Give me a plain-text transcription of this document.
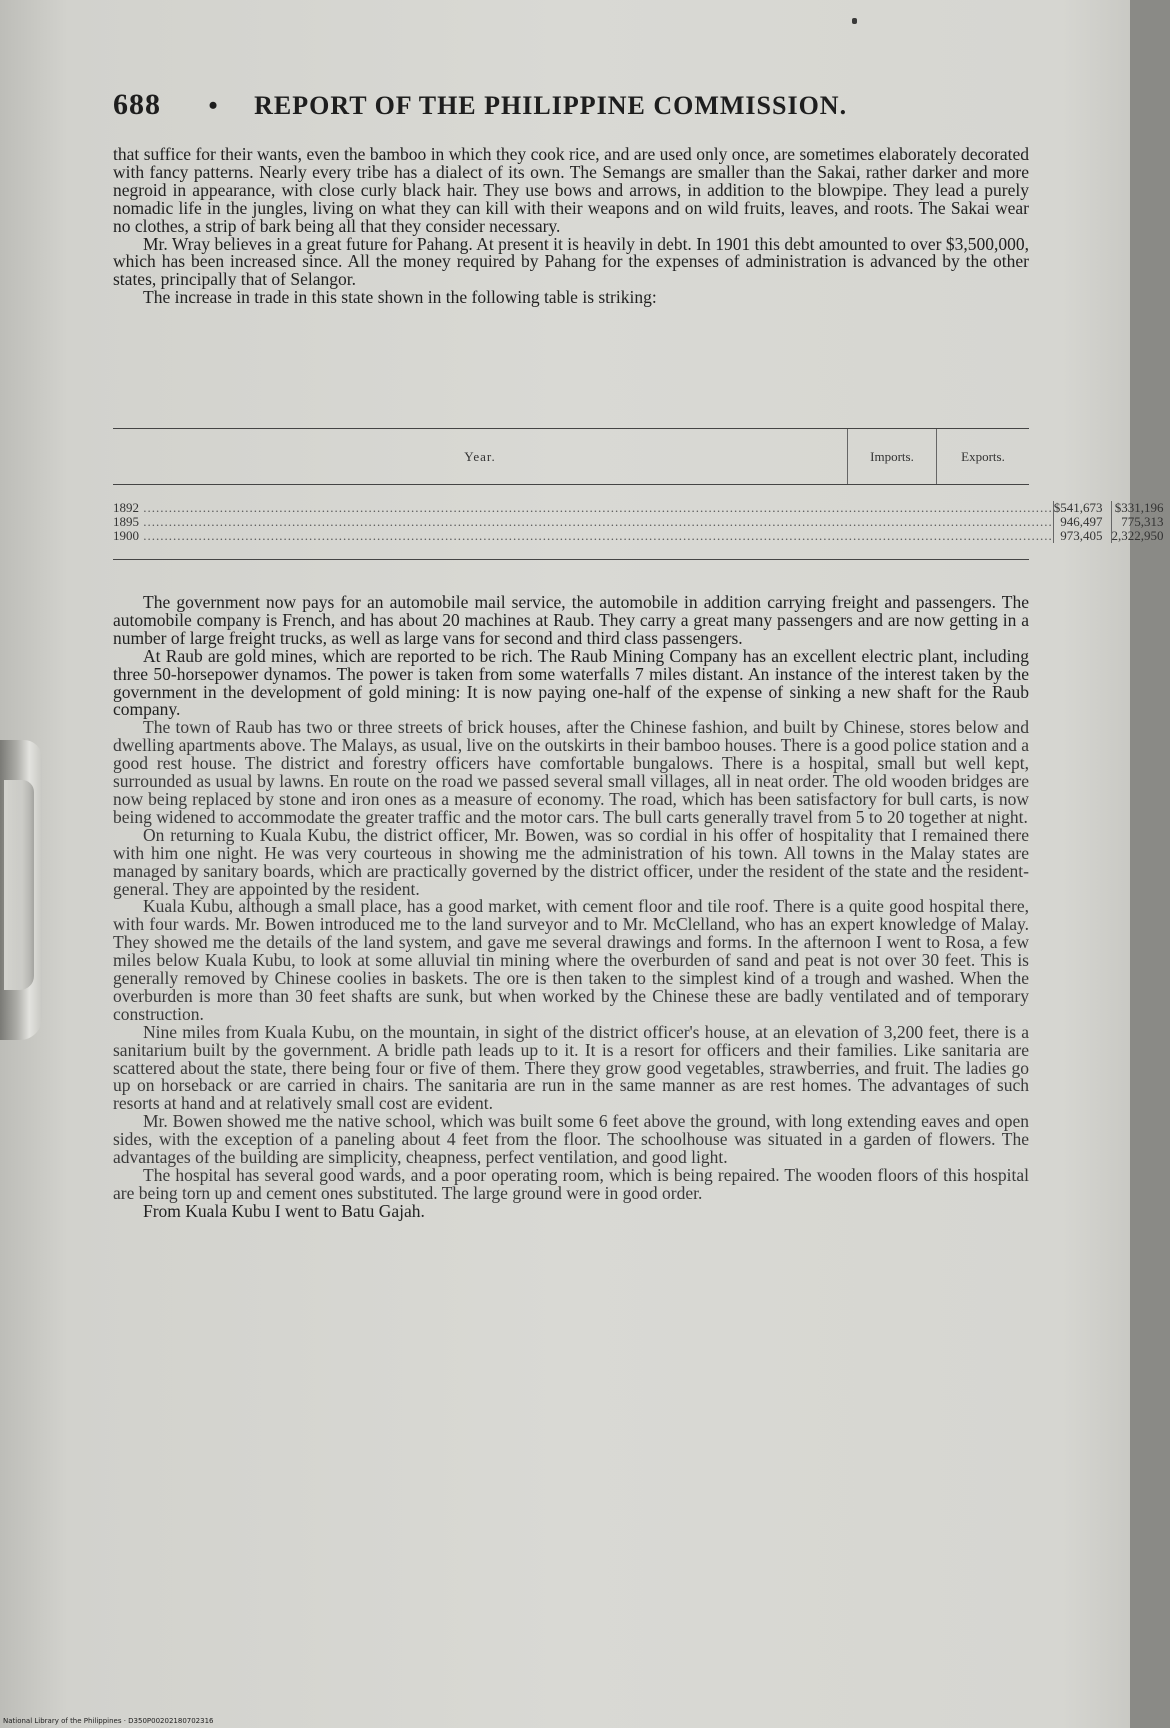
688 • REPORT OF THE PHILIPPINE COMMISSION.

that suffice for their wants, even the bamboo in which they cook rice, and are used only once, are sometimes elaborately decorated with fancy patterns. Nearly every tribe has a dialect of its own. The Semangs are smaller than the Sakai, rather darker and more negroid in appearance, with close curly black hair. They use bows and arrows, in addition to the blowpipe. They lead a purely nomadic life in the jungles, living on what they can kill with their weapons and on wild fruits, leaves, and roots. The Sakai wear no clothes, a strip of bark being all that they consider necessary.

Mr. Wray believes in a great future for Pahang. At present it is heavily in debt. In 1901 this debt amounted to over $3,500,000, which has been increased since. All the money required by Pahang for the expenses of administration is advanced by the other states, principally that of Selangor.

The increase in trade in this state shown in the following table is striking:

Year.	Imports.	Exports.
1892 .....
1895 .....
1900 .....
$541,673
946,497
973,405
$331,196
775,313
2,322,950

The government now pays for an automobile mail service, the automobile in addition carrying freight and passengers. The automobile company is French, and has about 20 machines at Raub. They carry a great many passengers and are now getting in a number of large freight trucks, as well as large vans for second and third class passengers.

At Raub are gold mines, which are reported to be rich. The Raub Mining Company has an excellent electric plant, including three 50-horsepower dynamos. The power is taken from some waterfalls 7 miles distant. An instance of the interest taken by the government in the development of gold mining: It is now paying one-half of the expense of sinking a new shaft for the Raub company.

The town of Raub has two or three streets of brick houses, after the Chinese fashion, and built by Chinese, stores below and dwelling apartments above. The Malays, as usual, live on the outskirts in their bamboo houses. There is a good police station and a good rest house. The district and forestry officers have comfortable bungalows. There is a hospital, small but well kept, surrounded as usual by lawns. En route on the road we passed several small villages, all in neat order. The old wooden bridges are now being replaced by stone and iron ones as a measure of economy. The road, which has been satisfactory for bull carts, is now being widened to accommodate the greater traffic and the motor cars. The bull carts generally travel from 5 to 20 together at night.

On returning to Kuala Kubu, the district officer, Mr. Bowen, was so cordial in his offer of hospitality that I remained there with him one night. He was very courteous in showing me the administration of his town. All towns in the Malay states are managed by sanitary boards, which are practically governed by the district officer, under the resident of the state and the resident-general. They are appointed by the resident.

Kuala Kubu, although a small place, has a good market, with cement floor and tile roof. There is a quite good hospital there, with four wards. Mr. Bowen introduced me to the land surveyor and to Mr. McClelland, who has an expert knowledge of Malay. They showed me the details of the land system, and gave me several drawings and forms. In the afternoon I went to Rosa, a few miles below Kuala Kubu, to look at some alluvial tin mining where the overburden of sand and peat is not over 30 feet. This is generally removed by Chinese coolies in baskets. The ore is then taken to the simplest kind of a trough and washed. When the overburden is more than 30 feet shafts are sunk, but when worked by the Chinese these are badly ventilated and of temporary construction.

Nine miles from Kuala Kubu, on the mountain, in sight of the district officer's house, at an elevation of 3,200 feet, there is a sanitarium built by the government. A bridle path leads up to it. It is a resort for officers and their families. Like sanitaria are scattered about the state, there being four or five of them. There they grow good vegetables, strawberries, and fruit. The ladies go up on horseback or are carried in chairs. The sanitaria are run in the same manner as are rest homes. The advantages of such resorts at hand and at relatively small cost are evident.

Mr. Bowen showed me the native school, which was built some 6 feet above the ground, with long extending eaves and open sides, with the exception of a paneling about 4 feet from the floor. The schoolhouse was situated in a garden of flowers. The advantages of the building are simplicity, cheapness, perfect ventilation, and good light.

The hospital has several good wards, and a poor operating room, which is being repaired. The wooden floors of this hospital are being torn up and cement ones substituted. The large ground were in good order.

From Kuala Kubu I went to Batu Gajah.

National Library of the Philippines · D350P00202180702316
